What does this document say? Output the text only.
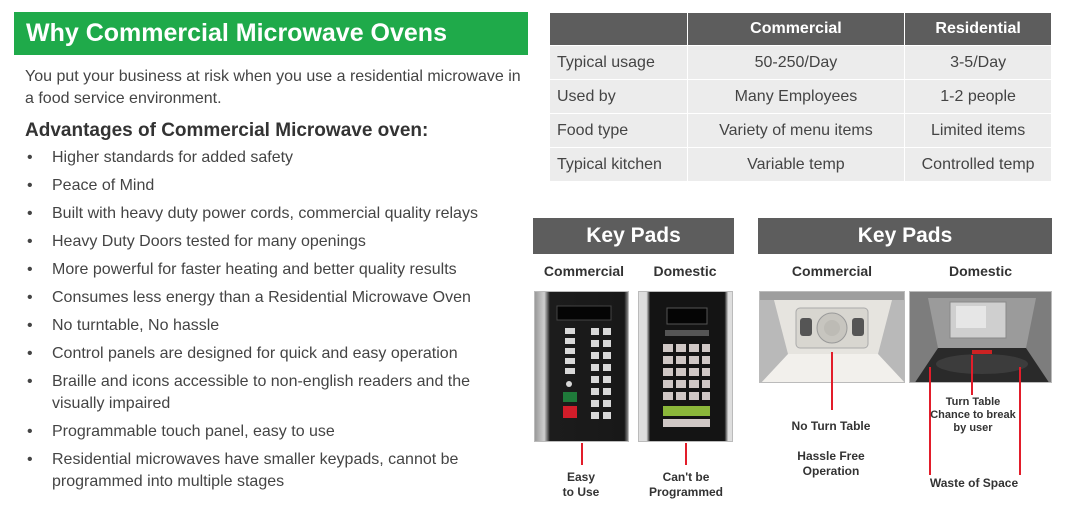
Why Commercial Microwave Ovens

You put your business at risk when you use a residential microwave in a food service environment.

Advantages of Commercial Microwave oven:
• Higher standards for added safety
• Peace of Mind
• Built with heavy duty power cords, commercial quality relays
• Heavy Duty Doors tested for many openings
• More powerful for faster heating and better quality results
• Consumes less energy than a Residential Microwave Oven
• No turntable, No hassle
• Control panels are designed for quick and easy operation
• Braille and icons accessible to non-english readers and the visually impaired
• Programmable touch panel, easy to use
• Residential microwaves have smaller keypads, cannot be programmed into multiple stages
	Commercial	Residential
Typical usage	50-250/Day	3-5/Day
Used by	Many Employees	1-2 people
Food type	Variety of menu items	Limited items
Typical kitchen	Variable temp	Controlled temp
Key Pads
Commercial	Domestic
Easy
to Use
Can't be
Programmed
Key Pads
Commercial	Domestic
No Turn Table
Hassle Free
Operation
Turn Table
Chance to break
by user
Waste of Space
